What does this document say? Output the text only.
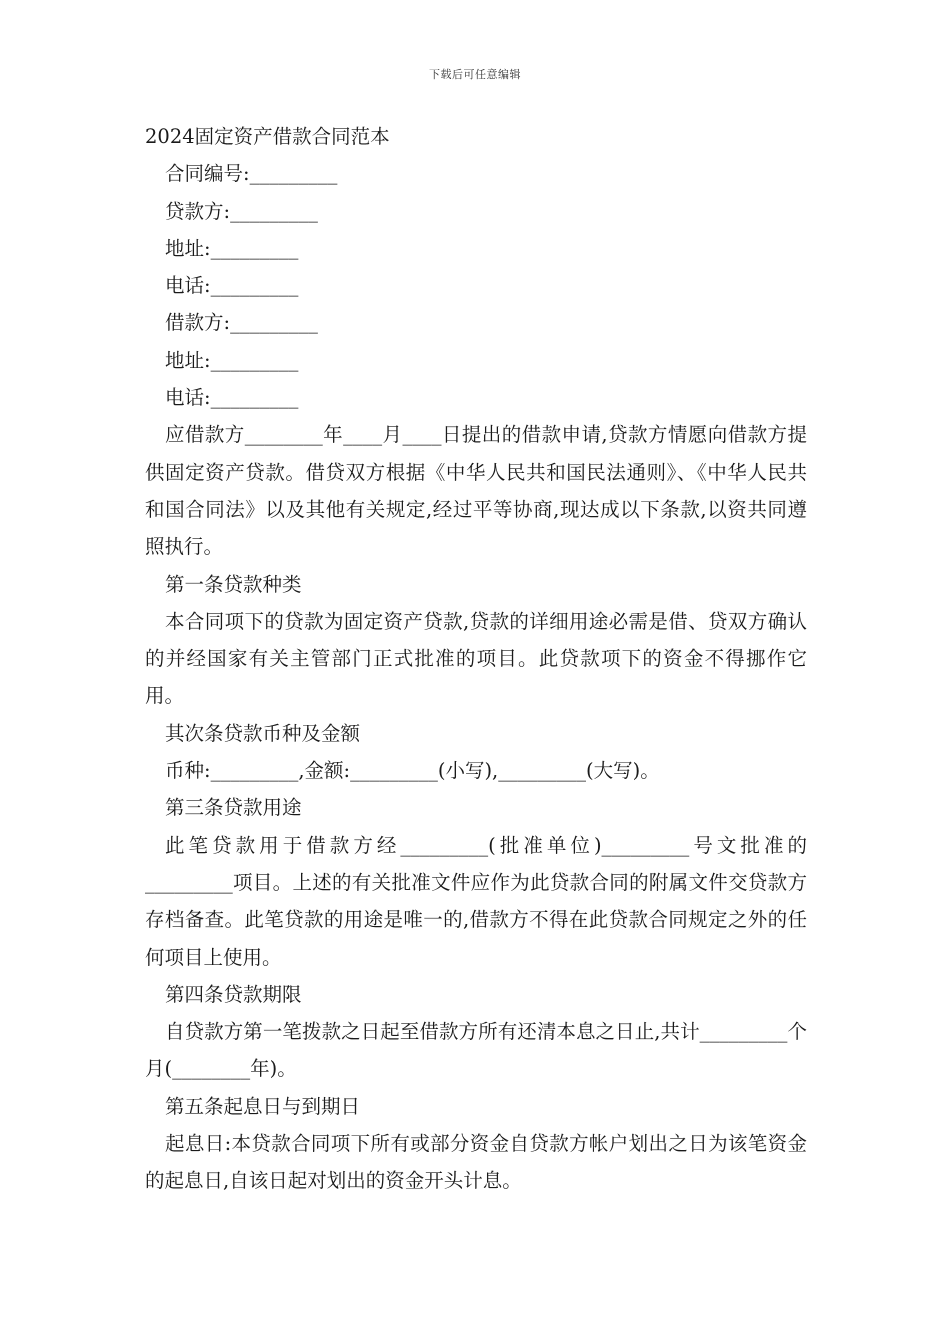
下载后可任意编辑

2024固定资产借款合同范本

合同编号:_________

贷款方:_________

地址:_________

电话:_________

借款方:_________

地址:_________

电话:_________

应借款方________年____月____日提出的借款申请,贷款方情愿向借款方提供固定资产贷款。借贷双方根据《中华人民共和国民法通则》、《中华人民共和国合同法》以及其他有关规定,经过平等协商,现达成以下条款,以资共同遵照执行。

第一条贷款种类

本合同项下的贷款为固定资产贷款,贷款的详细用途必需是借、贷双方确认的并经国家有关主管部门正式批准的项目。此贷款项下的资金不得挪作它用。

其次条贷款币种及金额

币种:_________,金额:_________(小写),_________(大写)。

第三条贷款用途

此笔贷款用于借款方经_________(批准单位)_________号文批准的_________项目。上述的有关批准文件应作为此贷款合同的附属文件交贷款方存档备查。此笔贷款的用途是唯一的,借款方不得在此贷款合同规定之外的任何项目上使用。

第四条贷款期限

自贷款方第一笔拨款之日起至借款方所有还清本息之日止,共计_________个月(________年)。

第五条起息日与到期日

起息日:本贷款合同项下所有或部分资金自贷款方帐户划出之日为该笔资金的起息日,自该日起对划出的资金开头计息。
